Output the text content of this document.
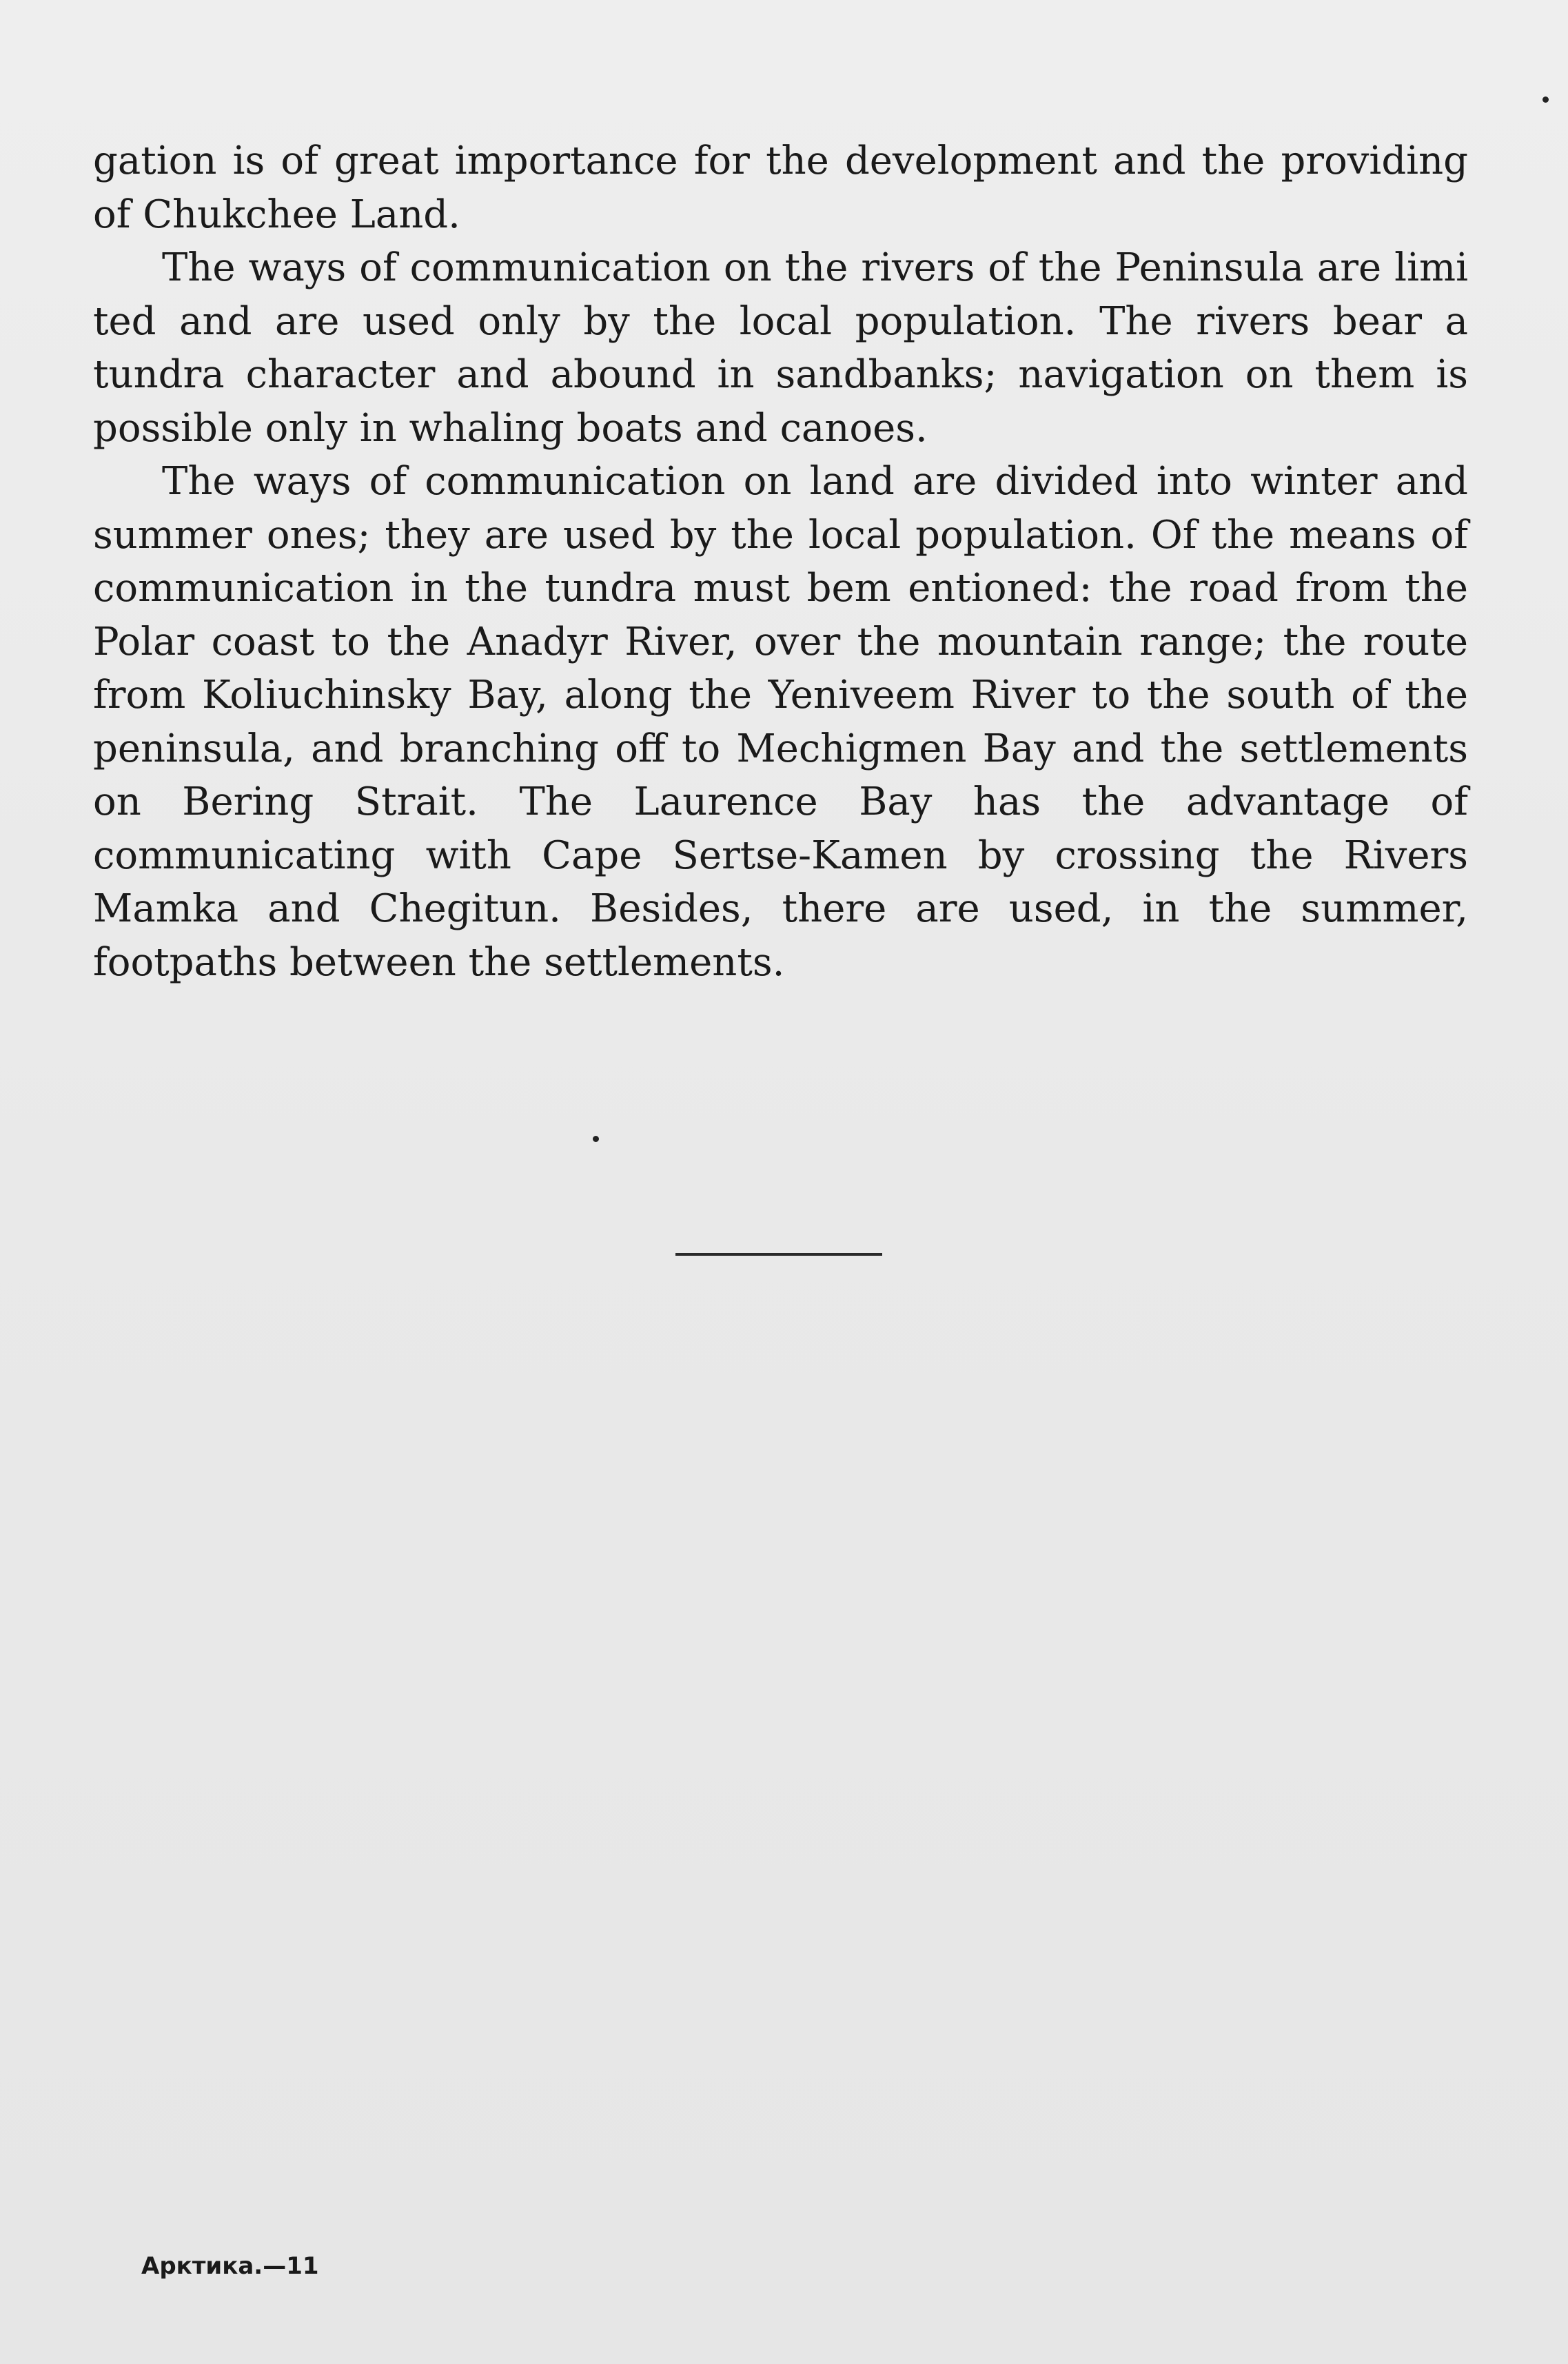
gation is of great importance for the development and the providing of Chukchee Land.

The ways of communication on the rivers of the Peninsula are limi ted and are used only by the local population. The rivers bear a tundra character and abound in sandbanks; navigation on them is possible only in whaling boats and canoes.

The ways of communication on land are divided into winter and summer ones; they are used by the local population. Of the means of communication in the tundra must bem entioned: the road from the Polar coast to the Anadyr River, over the mountain range; the route from Koliuchinsky Bay, along the Yeniveem River to the south of the peninsula, and branching off to Mechigmen Bay and the settlements on Bering Strait. The Laurence Bay has the advantage of communicating with Cape Sertse-Kamen by crossing the Rivers Mamka and Chegitun. Besides, there are used, in the summer, footpaths between the settlements.

Арктика.—11
